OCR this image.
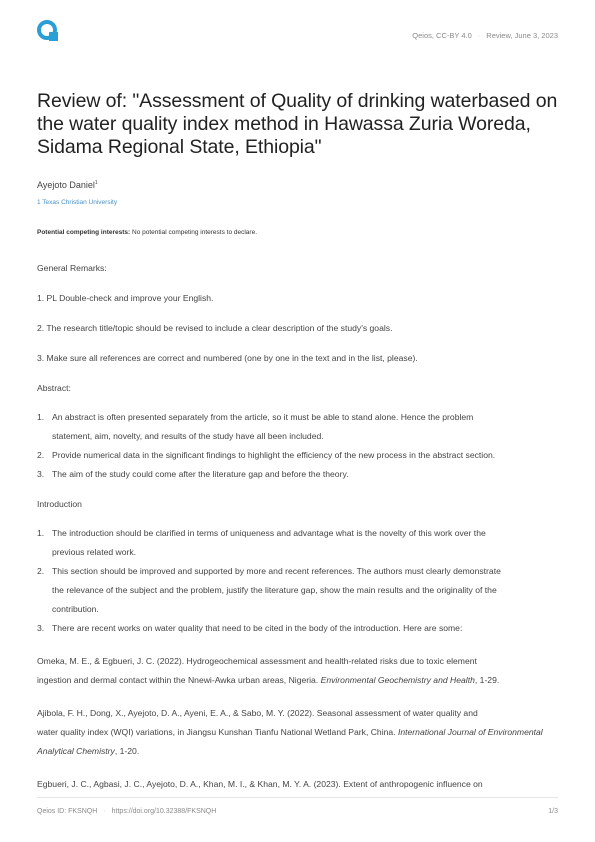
Qeios, CC-BY 4.0 · Review, June 3, 2023
Review of: "Assessment of Quality of drinking waterbased on the water quality index method in Hawassa Zuria Woreda, Sidama Regional State, Ethiopia"
Ayejoto Daniel$^1$
1 Texas Christian University
Potential competing interests: No potential competing interests to declare.

General Remarks:

1. PL Double-check and improve your English.

2. The research title/topic should be revised to include a clear description of the study's goals.

3. Make sure all references are correct and numbered (one by one in the text and in the list, please).

Abstract:

1. An abstract is often presented separately from the article, so it must be able to stand alone. Hence the problem
statement, aim, novelty, and results of the study have all been included.
2. Provide numerical data in the significant findings to highlight the efficiency of the new process in the abstract section.
3. The aim of the study could come after the literature gap and before the theory.

Introduction

1. The introduction should be clarified in terms of uniqueness and advantage what is the novelty of this work over the
previous related work.
2. This section should be improved and supported by more and recent references. The authors must clearly demonstrate
the relevance of the subject and the problem, justify the literature gap, show the main results and the originality of the
contribution.
3. There are recent works on water quality that need to be cited in the body of the introduction. Here are some:

Omeka, M. E., & Egbueri, J. C. (2022). Hydrogeochemical assessment and health-related risks due to toxic element
ingestion and dermal contact within the Nnewi-Awka urban areas, Nigeria. Environmental Geochemistry and Health, 1-29.

Ajibola, F. H., Dong, X., Ayejoto, D. A., Ayeni, E. A., & Sabo, M. Y. (2022). Seasonal assessment of water quality and
water quality index (WQI) variations, in Jiangsu Kunshan Tianfu National Wetland Park, China. International Journal of Environmental Analytical Chemistry, 1-20.

Egbueri, J. C., Agbasi, J. C., Ayejoto, D. A., Khan, M. I., & Khan, M. Y. A. (2023). Extent of anthropogenic influence on

Qeios ID: FKSNQH · https://doi.org/10.32388/FKSNQH	1/3
